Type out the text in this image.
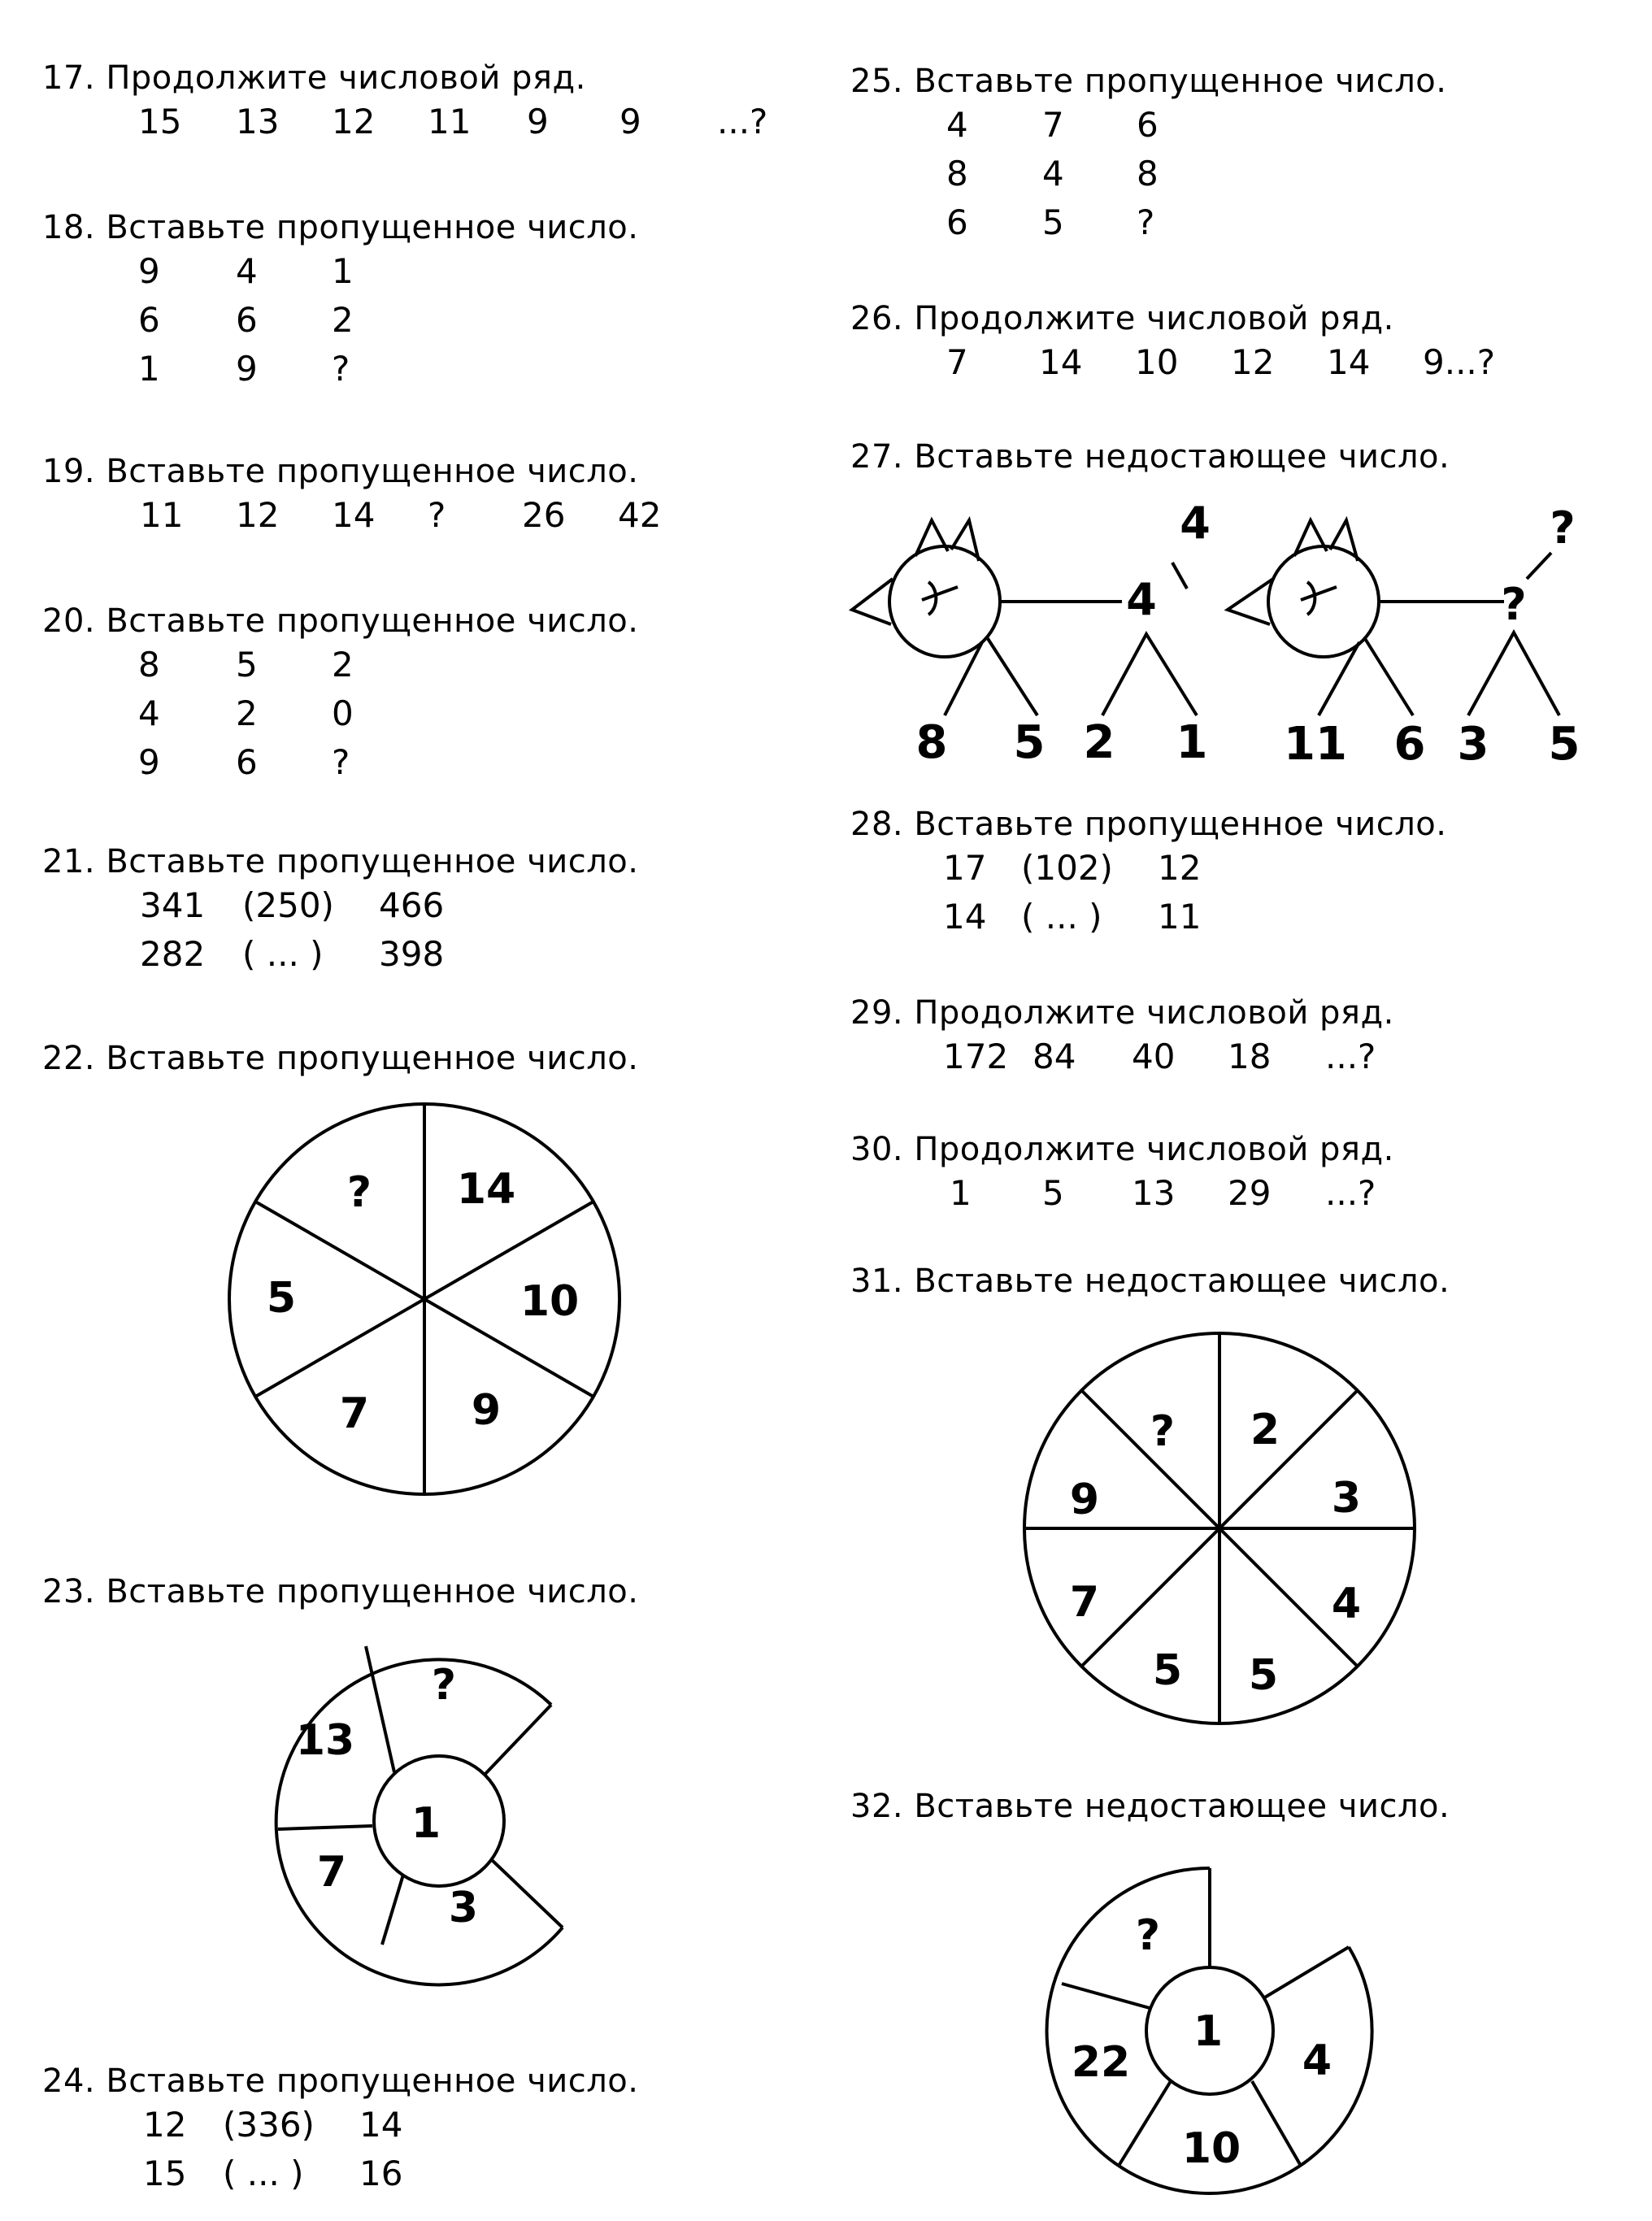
17. Продолжите числовой ряд.
15 13 12 11 9 9 ...?
18. Вставьте пропущенное число.
9 4 1
6 6 2
1 9 ?
19. Вставьте пропущенное число.
11 12 14 ? 26 42
20. Вставьте пропущенное число.
8 5 2
4 2 0
9 6 ?
21. Вставьте пропущенное число.
341 (250) 466
282 ( ... ) 398
22. Вставьте пропущенное число.
23. Вставьте пропущенное число.
24. Вставьте пропущенное число.
12 (336) 14
15 ( ... ) 16
25. Вставьте пропущенное число.
4 7 6
8 4 8
6 5 ?
26. Продолжите числовой ряд.
7 14 10 12 14 9...?
27. Вставьте недостающее число.
28. Вставьте пропущенное число.
17 (102) 12
14 ( ... ) 11
29. Продолжите числовой ряд.
172 84 40 18 ...?
30. Продолжите числовой ряд.
1 5 13 29 ...?
31. Вставьте недостающее число.
32. Вставьте недостающее число.
14
10
9
7
5
?
1
?
13
7
3
4
4
8 5 2 1
?
?
11 6 3 5
2
3
4
5
5
7
9
?
1
?
22
10
4
